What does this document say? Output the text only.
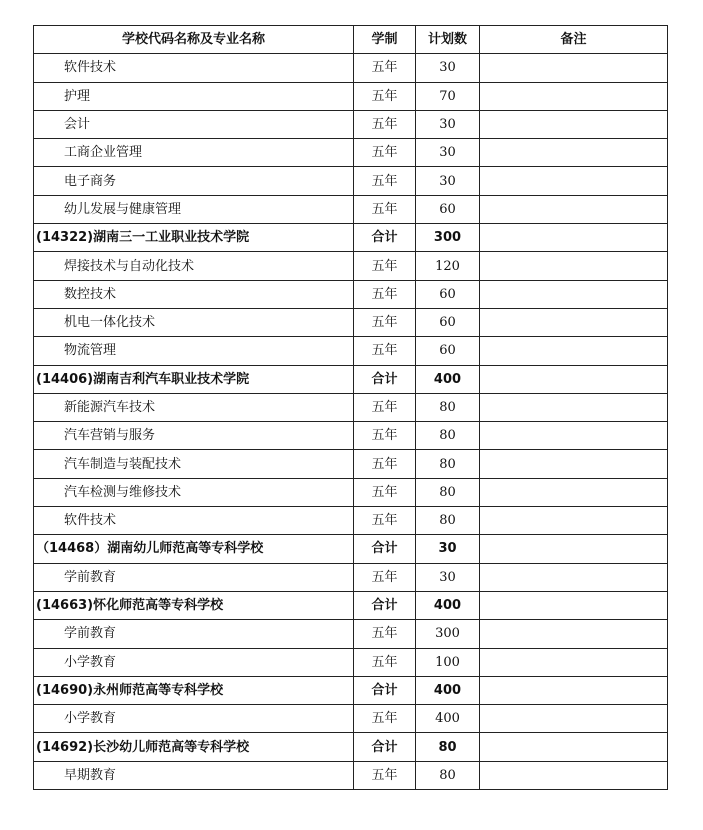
学校代码名称及专业名称	学制	计划数	备注
软件技术	五年	30	
护理	五年	70	
会计	五年	30	
工商企业管理	五年	30	
电子商务	五年	30	
幼儿发展与健康管理	五年	60	
(14322)湖南三一工业职业技术学院	合计	300	
焊接技术与自动化技术	五年	120	
数控技术	五年	60	
机电一体化技术	五年	60	
物流管理	五年	60	
(14406)湖南吉利汽车职业技术学院	合计	400	
新能源汽车技术	五年	80	
汽车营销与服务	五年	80	
汽车制造与装配技术	五年	80	
汽车检测与维修技术	五年	80	
软件技术	五年	80	
（14468）湖南幼儿师范高等专科学校	合计	30	
学前教育	五年	30	
(14663)怀化师范高等专科学校	合计	400	
学前教育	五年	300	
小学教育	五年	100	
(14690)永州师范高等专科学校	合计	400	
小学教育	五年	400	
(14692)长沙幼儿师范高等专科学校	合计	80	
早期教育	五年	80	
